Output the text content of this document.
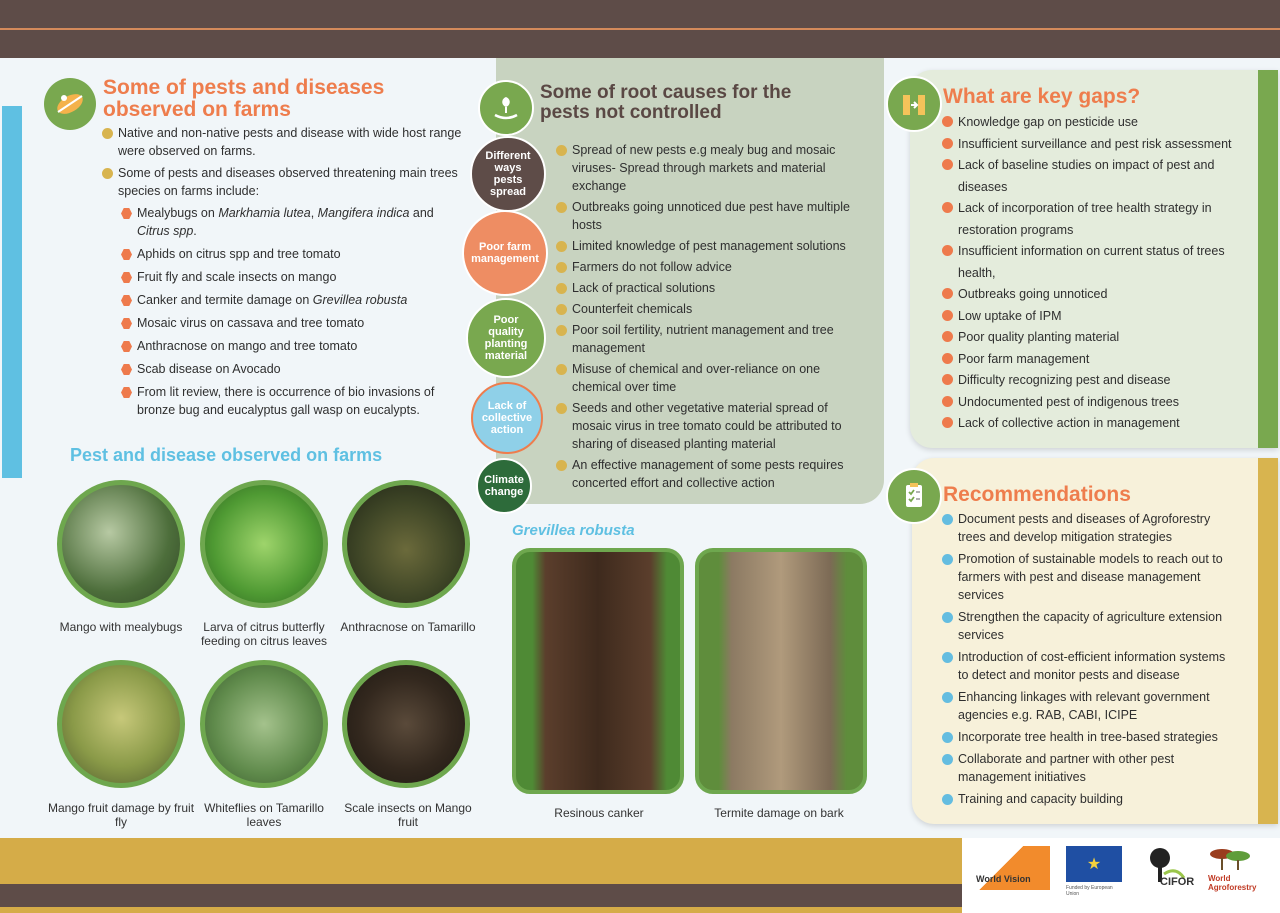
Some of pests and diseases observed on farms
Native and non-native pests and disease with wide host range were observed on farms.
Some of pests and diseases observed threatening main trees species on farms include:
Mealybugs on Markhamia lutea, Mangifera indica and Citrus spp.
Aphids on citrus spp and tree tomato
Fruit fly and scale insects on mango
Canker and termite damage on Grevillea robusta
Mosaic virus on cassava and tree tomato
Anthracnose on mango and tree tomato
Scab disease on Avocado
From lit review, there is occurrence of bio invasions of bronze bug and eucalyptus gall wasp on eucalypts.
Pest and disease observed on farms
Mango with mealybugs	Larva of citrus butterfly feeding on citrus leaves
Anthracnose on Tamarillo
Mango fruit damage by fruit fly
Whiteflies on Tamarillo leaves
Scale insects on Mango fruit
Some of root causes for the pests not controlled
Different ways pests spread
Poor farm management
Poor quality planting material
Lack of collective action
Climate change
Spread of new pests e.g mealy bug and mosaic viruses- Spread through markets and material exchange
Outbreaks going unnoticed due pest have multiple hosts
Limited knowledge of pest management solutions
Farmers do not follow advice
Lack of practical solutions
Counterfeit chemicals
Poor soil fertility, nutrient management and tree management
Misuse of chemical and over-reliance on one chemical over time
Seeds and other vegetative material spread of mosaic virus in tree tomato could be attributed to sharing of diseased planting material
An effective management of some pests requires concerted effort and collective action
Grevillea robusta
Resinous canker	Termite damage on bark
What are key gaps?
Knowledge gap on pesticide use
Insufficient surveillance and pest risk assessment
Lack of baseline studies on impact of pest and diseases
Lack of incorporation of tree health strategy in restoration programs
Insufficient information on current status of trees health,
Outbreaks going unnoticed
Low uptake of IPM
Poor quality planting material
Poor farm management
Difficulty recognizing pest and disease
Undocumented pest of indigenous trees
Lack of collective action in management
Recommendations
Document pests and diseases of Agroforestry trees and develop mitigation strategies
Promotion of sustainable models to reach out to farmers with pest and disease management services
Strengthen the capacity of agriculture extension services
Introduction of cost-efficient information systems to detect and monitor pests and disease
Enhancing linkages with relevant government agencies e.g. RAB, CABI, ICIPE
Incorporate tree health in tree-based strategies
Collaborate and partner with other pest management initiatives
Training and capacity building
World Vision
★
Funded by European Union
CIFOR World Agroforestry
